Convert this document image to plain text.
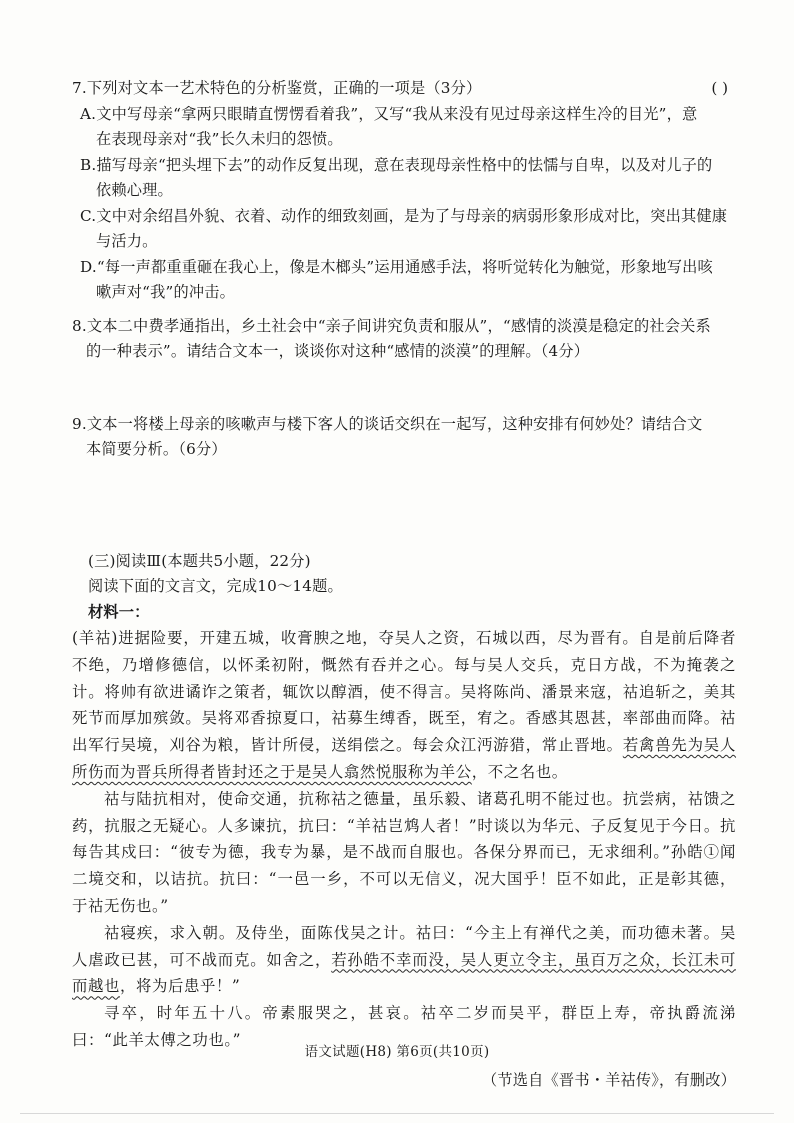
7.下列对文本一艺术特色的分析鉴赏，正确的一项是（3分）	( )

A.文中写母亲“拿两只眼睛直愣愣看着我”，又写“我从来没有见过母亲这样生冷的目光”，意

在表现母亲对“我”长久未归的怨愤。

B.描写母亲“把头埋下去”的动作反复出现，意在表现母亲性格中的怯懦与自卑，以及对儿子的

依赖心理。

C.文中对余绍昌外貌、衣着、动作的细致刻画，是为了与母亲的病弱形象形成对比，突出其健康

与活力。

D.“每一声都重重砸在我心上，像是木榔头”运用通感手法，将听觉转化为触觉，形象地写出咳

嗽声对“我”的冲击。

8.文本二中费孝通指出，乡土社会中“亲子间讲究负责和服从”，“感情的淡漠是稳定的社会关系

的一种表示”。请结合文本一，谈谈你对这种“感情的淡漠”的理解。（4分）

9.文本一将楼上母亲的咳嗽声与楼下客人的谈话交织在一起写，这种安排有何妙处？请结合文

本简要分析。（6分）

(三)阅读Ⅲ(本题共5小题，22分)

阅读下面的文言文，完成10～14题。

材料一：

(羊祜)进据险要，开建五城，收膏腴之地，夺吴人之资，石城以西，尽为晋有。自是前后降者不绝，乃增修德信，以怀柔初附，慨然有吞并之心。每与吴人交兵，克日方战，不为掩袭之计。将帅有欲进谲诈之策者，辄饮以醇酒，使不得言。吴将陈尚、潘景来寇，祜追斩之，美其死节而厚加殡敛。吴将邓香掠夏口，祜募生缚香，既至，宥之。香感其恩甚，率部曲而降。祜出军行吴境，刈谷为粮，皆计所侵，送绢偿之。每会众江沔游猎，常止晋地。若禽兽先为吴人所伤而为晋兵所得者皆封还之于是吴人翕然悦服称为羊公，不之名也。

祜与陆抗相对，使命交通，抗称祜之德量，虽乐毅、诸葛孔明不能过也。抗尝病，祜馈之药，抗服之无疑心。人多谏抗，抗曰：“羊祜岂鸩人者！”时谈以为华元、子反复见于今日。抗每告其戍曰：“彼专为德，我专为暴，是不战而自服也。各保分界而已，无求细利。”孙皓①闻二境交和，以诘抗。抗曰：“一邑一乡，不可以无信义，况大国乎！臣不如此，正是彰其德，于祜无伤也。”

祜寝疾，求入朝。及侍坐，面陈伐吴之计。祜曰：“今主上有禅代之美，而功德未著。吴人虐政已甚，可不战而克。如舍之，若孙皓不幸而没，吴人更立令主，虽百万之众，长江未可而越也，将为后患乎！”

寻卒，时年五十八。帝素服哭之，甚哀。祜卒二岁而吴平，群臣上寿，帝执爵流涕曰：“此羊太傅之功也。”

（节选自《晋书・羊祜传》，有删改）

语文试题(H8) 第6页(共10页)
